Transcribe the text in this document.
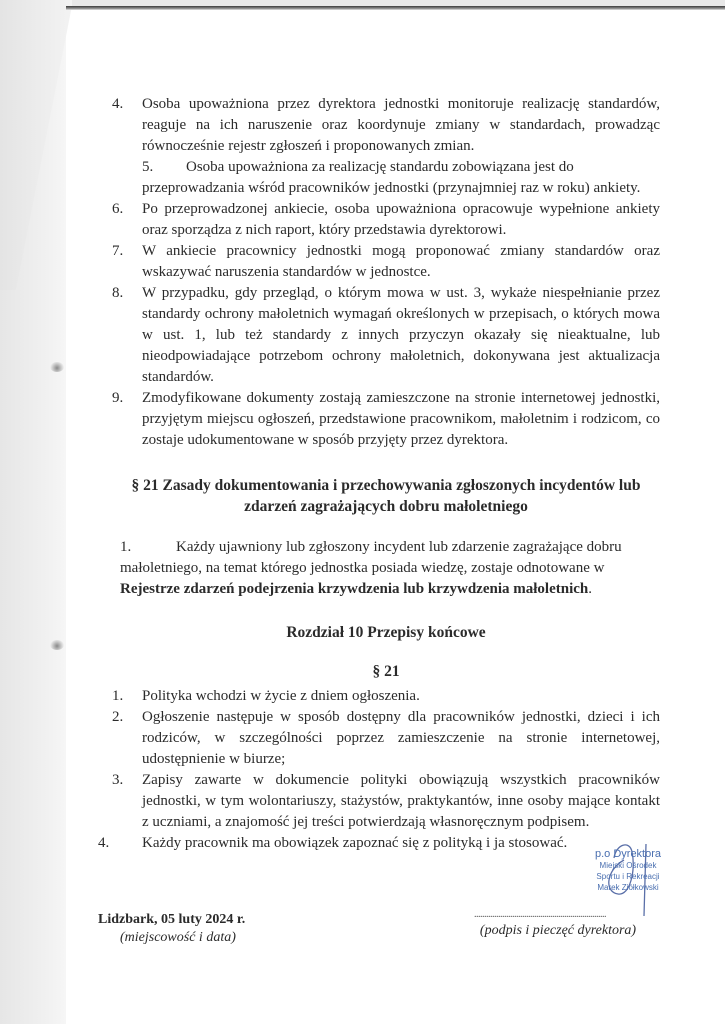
4. Osoba upoważniona przez dyrektora jednostki monitoruje realizację standardów, reaguje na ich naruszenie oraz koordynuje zmiany w standardach, prowadząc równocześnie rejestr zgłoszeń i proponowanych zmian.
5. Osoba upoważniona za realizację standardu zobowiązana jest do przeprowadzania wśród pracowników jednostki (przynajmniej raz w roku) ankiety.
6. Po przeprowadzonej ankiecie, osoba upoważniona opracowuje wypełnione ankiety oraz sporządza z nich raport, który przedstawia dyrektorowi.
7. W ankiecie pracownicy jednostki mogą proponować zmiany standardów oraz wskazywać naruszenia standardów w jednostce.
8. W przypadku, gdy przegląd, o którym mowa w ust. 3, wykaże niespełnianie przez standardy ochrony małoletnich wymagań określonych w przepisach, o których mowa w ust. 1, lub też standardy z innych przyczyn okazały się nieaktualne, lub nieodpowiadające potrzebom ochrony małoletnich, dokonywana jest aktualizacja standardów.
9. Zmodyfikowane dokumenty zostają zamieszczone na stronie internetowej jednostki, przyjętym miejscu ogłoszeń, przedstawione pracownikom, małoletnim i rodzicom, co zostaje udokumentowane w sposób przyjęty przez dyrektora.
§ 21 Zasady dokumentowania i przechowywania zgłoszonych incydentów lub
zdarzeń zagrażających dobru małoletniego
1.	Każdy ujawniony lub zgłoszony incydent lub zdarzenie zagrażające dobru małoletniego, na temat którego jednostka posiada wiedzę, zostaje odnotowane w Rejestrze zdarzeń podejrzenia krzywdzenia lub krzywdzenia małoletnich.
Rozdział 10 Przepisy końcowe
§ 21
1. Polityka wchodzi w życie z dniem ogłoszenia.
2. Ogłoszenie następuje w sposób dostępny dla pracowników jednostki, dzieci i ich rodziców, w szczególności poprzez zamieszczenie na stronie internetowej, udostępnienie w biurze;
3. Zapisy zawarte w dokumencie polityki obowiązują wszystkich pracowników jednostki, w tym wolontariuszy, stażystów, praktykantów, inne osoby mające kontakt z uczniami, a znajomość jej treści potwierdzają własnoręcznym podpisem.
4. Każdy pracownik ma obowiązek zapoznać się z polityką i ja stosować.
p.o Dyrektora
Miejski Ośrodek
Sportu i Rekreacji
Marek Ziółkowski
Lidzbark, 05 luty 2024 r.
(miejscowość i data)
..................................................................
(podpis i pieczęć dyrektora)
